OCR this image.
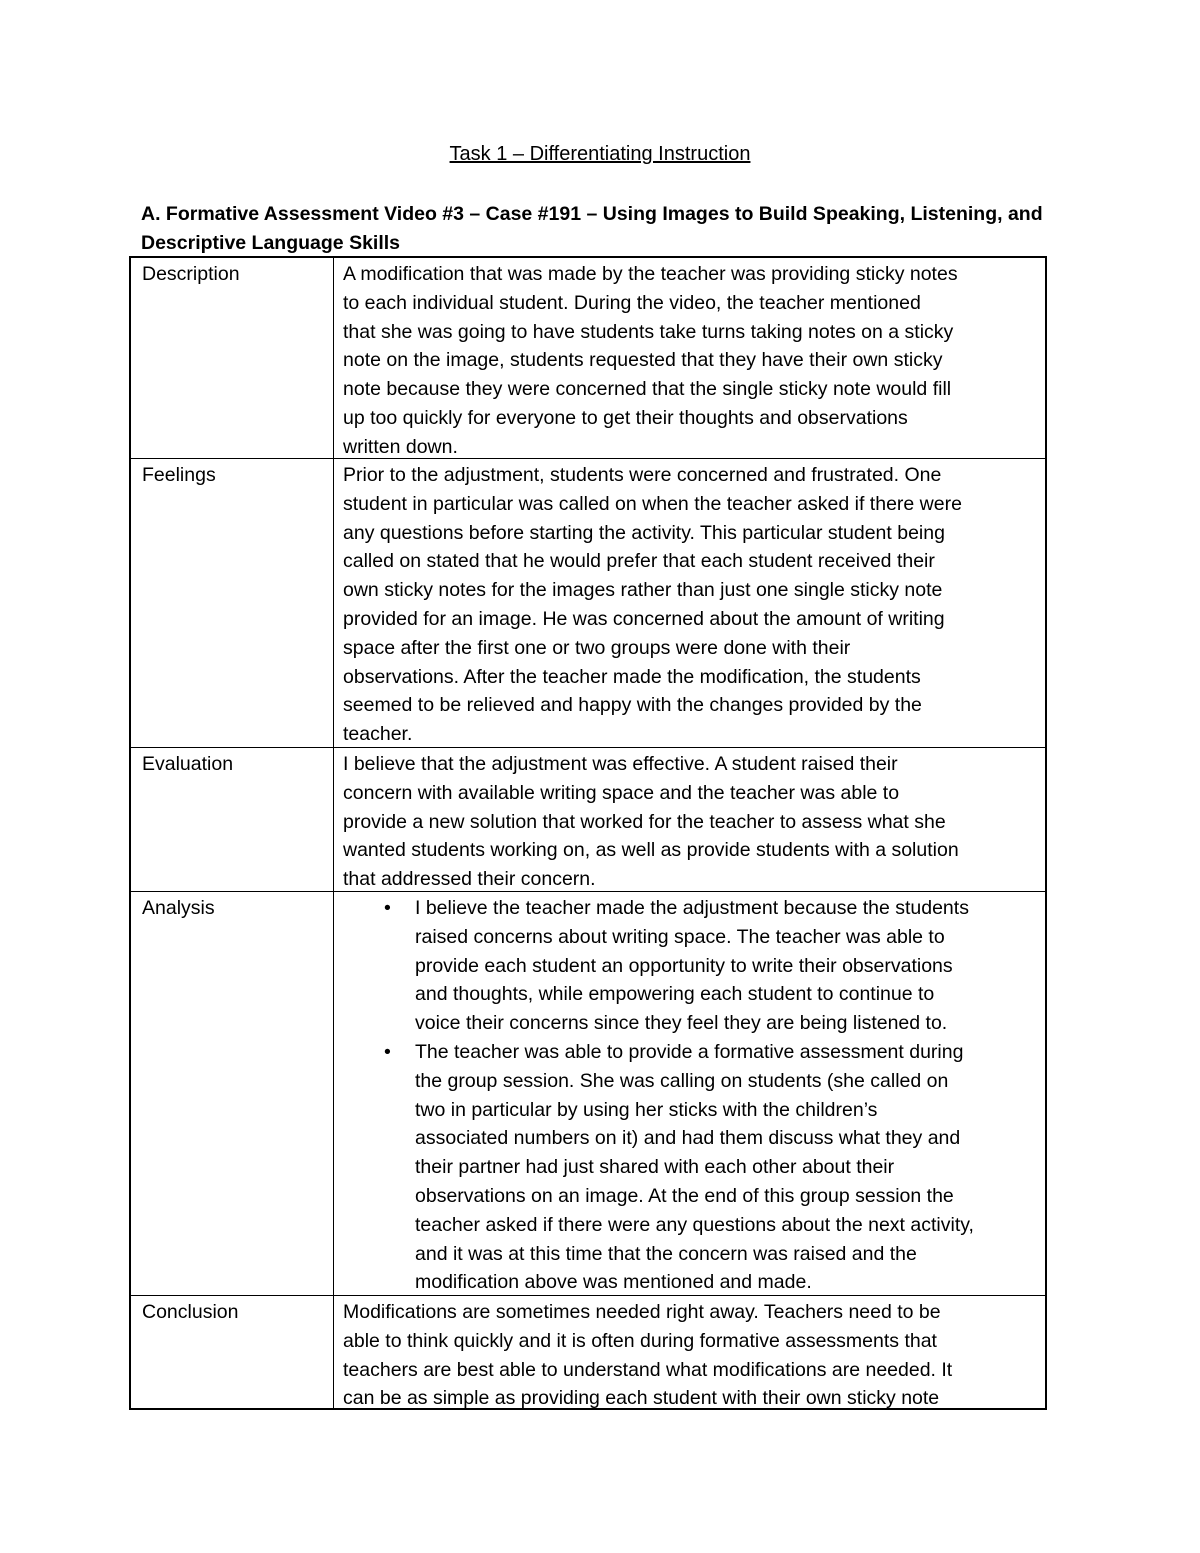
Task 1 – Differentiating Instruction
A. Formative Assessment Video #3 – Case #191 – Using Images to Build Speaking, Listening, and
Descriptive Language Skills
Description	A modification that was made by the teacher was providing sticky notes
to each individual student. During the video, the teacher mentioned
that she was going to have students take turns taking notes on a sticky
note on the image, students requested that they have their own sticky
note because they were concerned that the single sticky note would fill
up too quickly for everyone to get their thoughts and observations
written down.
Feelings	Prior to the adjustment, students were concerned and frustrated. One
student in particular was called on when the teacher asked if there were
any questions before starting the activity. This particular student being
called on stated that he would prefer that each student received their
own sticky notes for the images rather than just one single sticky note
provided for an image. He was concerned about the amount of writing
space after the first one or two groups were done with their
observations. After the teacher made the modification, the students
seemed to be relieved and happy with the changes provided by the
teacher.
Evaluation	I believe that the adjustment was effective. A student raised their
concern with available writing space and the teacher was able to
provide a new solution that worked for the teacher to assess what she
wanted students working on, as well as provide students with a solution
that addressed their concern.
Analysis	• I believe the teacher made the adjustment because the students
raised concerns about writing space. The teacher was able to
provide each student an opportunity to write their observations
and thoughts, while empowering each student to continue to
voice their concerns since they feel they are being listened to.
• The teacher was able to provide a formative assessment during
the group session. She was calling on students (she called on
two in particular by using her sticks with the children’s
associated numbers on it) and had them discuss what they and
their partner had just shared with each other about their
observations on an image. At the end of this group session the
teacher asked if there were any questions about the next activity,
and it was at this time that the concern was raised and the
modification above was mentioned and made.
Conclusion	Modifications are sometimes needed right away. Teachers need to be
able to think quickly and it is often during formative assessments that
teachers are best able to understand what modifications are needed. It
can be as simple as providing each student with their own sticky note
